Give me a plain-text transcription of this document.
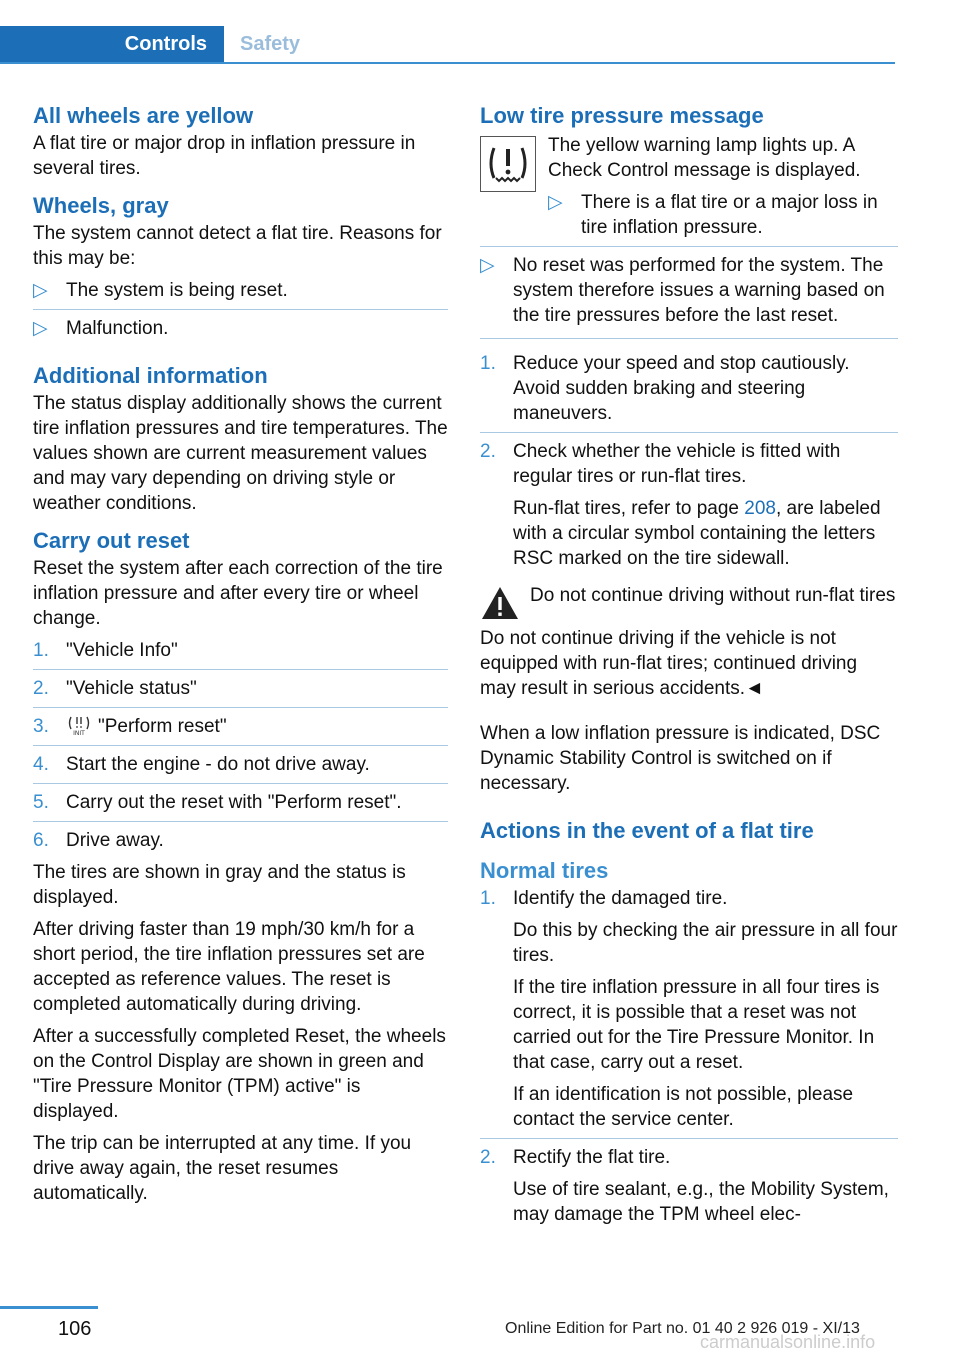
Controls	Safety
All wheels are yellow

A flat tire or major drop in inflation pressure in several tires.

Wheels, gray

The system cannot detect a flat tire. Reasons for this may be:

▷ The system is being reset.
▷ Malfunction.
Additional information

The status display additionally shows the current tire inflation pressures and tire temperatures. The values shown are current measurement values and may vary depending on driving style or weather conditions.

Carry out reset

Reset the system after each correction of the tire inflation pressure and after every tire or wheel change.

1. "Vehicle Info"
2. "Vehicle status"
3.	INIT "Perform reset"
4. Start the engine - do not drive away.
5. Carry out the reset with "Perform reset".
6. Drive away.

The tires are shown in gray and the status is displayed.

After driving faster than 19 mph/30 km/h for a short period, the tire inflation pressures set are accepted as reference values. The reset is completed automatically during driving.

After a successfully completed Reset, the wheels on the Control Display are shown in green and "Tire Pressure Monitor (TPM) active" is displayed.

The trip can be interrupted at any time. If you drive away again, the reset resumes automatically.

Low tire pressure message

The yellow warning lamp lights up. A Check Control message is displayed.

▷ There is a flat tire or a major loss in tire inflation pressure.
▷ No reset was performed for the system. The system therefore issues a warning based on the tire pressures before the last reset.
1. Reduce your speed and stop cautiously. Avoid sudden braking and steering maneuvers.
2. Check whether the vehicle is fitted with regular tires or run-flat tires.
Run-flat tires, refer to page 208, are labeled with a circular symbol containing the letters RSC marked on the tire sidewall.

Do not continue driving without run-flat tires

Do not continue driving if the vehicle is not equipped with run-flat tires; continued driving may result in serious accidents.◄

When a low inflation pressure is indicated, DSC Dynamic Stability Control is switched on if necessary.

Actions in the event of a flat tire
Normal tires
1. Identify the damaged tire.
Do this by checking the air pressure in all four tires.
If the tire inflation pressure in all four tires is correct, it is possible that a reset was not carried out for the Tire Pressure Monitor. In that case, carry out a reset.
If an identification is not possible, please contact the service center.
2. Rectify the flat tire.
Use of tire sealant, e.g., the Mobility System, may damage the TPM wheel elec-
106	Online Edition for Part no. 01 40 2 926 019 - XI/13
carmanualsonline.info
